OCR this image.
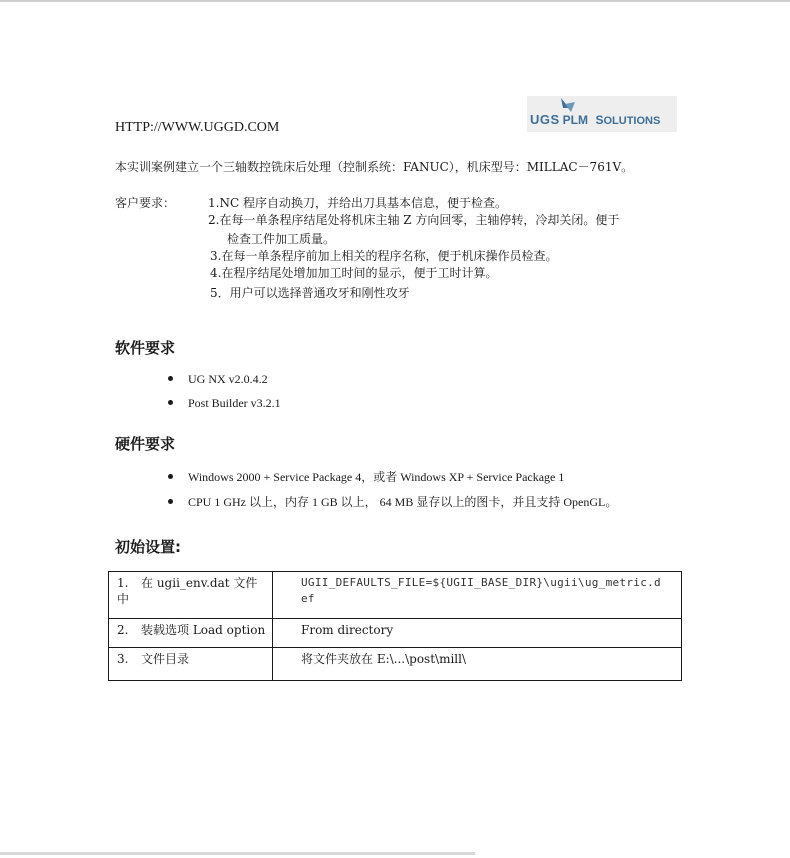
HTTP://WWW.UGGD.COM
UGS PLM SOLUTIONS
本实训案例建立一个三轴数控铣床后处理（控制系统：FANUC），机床型号：MILLAC－761V。
客户要求：	1.NC 程序自动换刀，并给出刀具基本信息，便于检查。
2.在每一单条程序结尾处将机床主轴 Z 方向回零，主轴停转，冷却关闭。便于
检查工件加工质量。
3.在每一单条程序前加上相关的程序名称，便于机床操作员检查。
4.在程序结尾处增加加工时间的显示，便于工时计算。
5．用户可以选择普通攻牙和刚性攻牙
软件要求
UG NX v2.0.4.2
Post Builder v3.2.1
硬件要求
Windows 2000 + Service Package 4，或者 Windows XP + Service Package 1
CPU 1 GHz 以上，内存 1 GB 以上， 64 MB 显存以上的图卡，并且支持 OpenGL。
初始设置:
1. 在 ugii_env.dat 文件中	UGII_DEFAULTS_FILE=${UGII_BASE_DIR}\ugii\ug_metric.def

2. 装载选项 Load option	From directory
3. 文件目录	将文件夹放在 E:\...\post\mill\
